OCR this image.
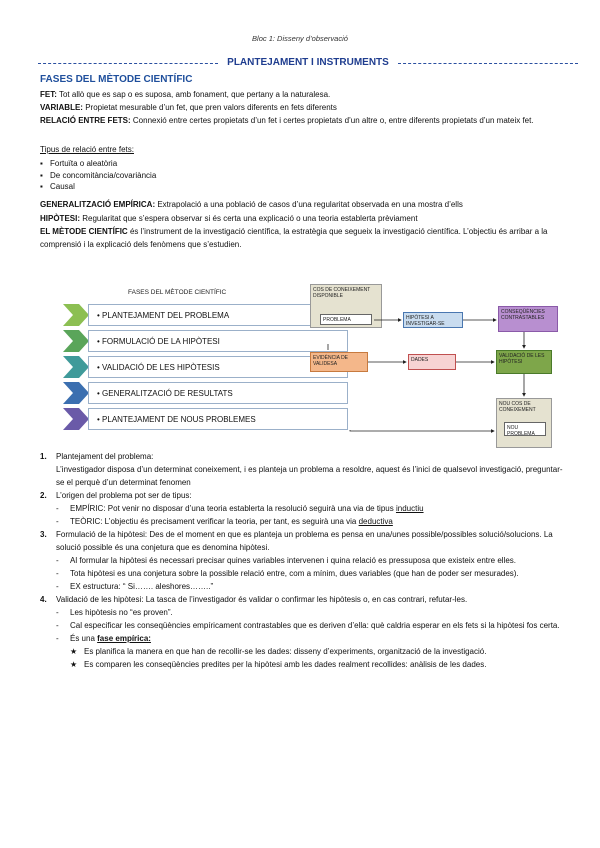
Bloc 1: Disseny d’observació
PLANTEJAMENT I INSTRUMENTS
FASES DEL MÈTODE CIENTÍFIC
FET: Tot allò que es sap o es suposa, amb fonament, que pertany a la naturalesa.
VARIABLE: Propietat mesurable d’un fet, que pren valors diferents en fets diferents
RELACIÓ ENTRE FETS: Connexió entre certes propietats d’un fet i certes propietats d’un altre o, entre diferents propietats d’un mateix fet.
Tipus de relació entre fets:
▪ Fortuïta o aleatòria
▪ De concomitància/covariància
▪ Causal
GENERALITZACIÓ EMPÍRICA: Extrapolació a una població de casos d’una regularitat observada en una mostra d’ells
HIPÒTESI: Regularitat que s’espera observar si és certa una explicació o una teoria establerta prèviament
EL MÈTODE CIENTÍFIC és l’instrument de la investigació científica, la estratègia que segueix la investigació científica. L’objectiu és arribar a la comprensió i la explicació dels fenòmens que s’estudien.
FASES DEL MÈTODE CIENTÍFIC
• PLANTEJAMENT DEL PROBLEMA
• FORMULACIÓ DE LA HIPÒTESI
• VALIDACIÓ DE LES HIPÒTESIS
• GENERALITZACIÓ DE RESULTATS
• PLANTEJAMENT DE NOUS PROBLEMES
COS DE CONEIXEMENT DISPONIBLE
PROBLEMA	HIPÒTESI A INVESTIGAR-SE
CONSEQÜÈNCIES CONTRASTABLES
EVIDÈNCIA DE VALIDESA
DADES
VALIDACIÓ DE LES HIPÒTESI
NOU COS DE CONEIXEMENT
NOU PROBLEMA
1. Plantejament del problema:
L’investigador disposa d’un determinat coneixement, i es planteja un problema a resoldre, aquest és l’inici de qualsevol investigació, preguntar-se el perquè d’un determinat fenomen
2. L’origen del problema pot ser de tipus:
- EMPÍRIC: Pot venir no disposar d’una teoria establerta la resolució seguirà una via de tipus inductiu
- TEÒRIC: L’objectiu és precisament verificar la teoria, per tant, es seguirà una via deductiva
3. Formulació de la hipòtesi: Des de el moment en que es planteja un problema es pensa en una/unes possible/possibles solució/solucions. La solució possible és una conjetura que es denomina hipòtesi.
- Al formular la hipòtesi és necessari precisar quines variables intervenen i quina relació es pressuposa que existeix entre elles.
- Tota hipòtesi es una conjetura sobre la possible relació entre, com a mínim, dues variables (que han de poder ser mesurades).
- EX estructura: “ Si……. aleshores……..”
4. Validació de les hipòtesi: La tasca de l’investigador és validar o confirmar les hipòtesis o, en cas contrari, refutar-les.
- Les hipòtesis no “es proven”.
- Cal especificar les conseqüències empíricament contrastables que es deriven d’ella: què caldria esperar en els fets si la hipòtesi fos certa.
- És una fase empírica:
★ Es planifica la manera en que han de recollir-se les dades: disseny d’experiments, organització de la investigació.
★ Es comparen les conseqüències predites per la hipòtesi amb les dades realment recollides: anàlisis de les dades.
